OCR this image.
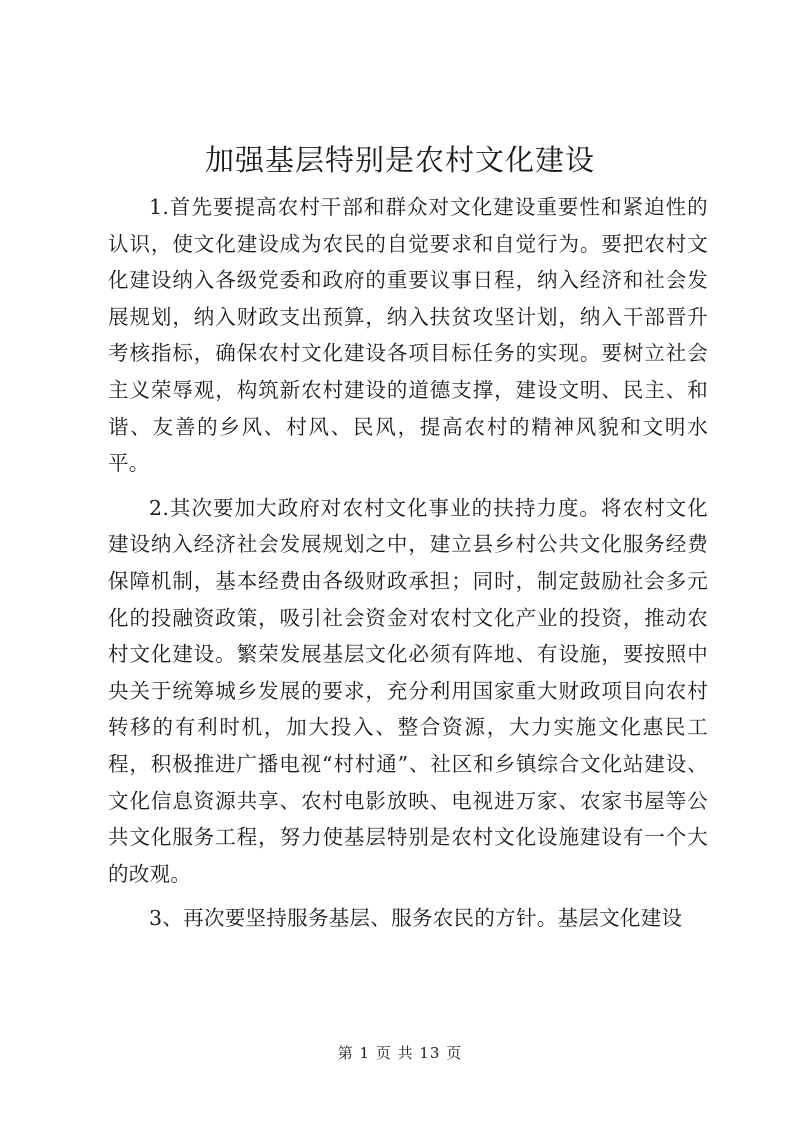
加强基层特别是农村文化建设

1.首先要提高农村干部和群众对文化建设重要性和紧迫性的认识，使文化建设成为农民的自觉要求和自觉行为。要把农村文化建设纳入各级党委和政府的重要议事日程，纳入经济和社会发展规划，纳入财政支出预算，纳入扶贫攻坚计划，纳入干部晋升考核指标，确保农村文化建设各项目标任务的实现。要树立社会主义荣辱观，构筑新农村建设的道德支撑，建设文明、民主、和谐、友善的乡风、村风、民风，提高农村的精神风貌和文明水平。

2.其次要加大政府对农村文化事业的扶持力度。将农村文化建设纳入经济社会发展规划之中，建立县乡村公共文化服务经费保障机制，基本经费由各级财政承担；同时，制定鼓励社会多元化的投融资政策，吸引社会资金对农村文化产业的投资，推动农村文化建设。繁荣发展基层文化必须有阵地、有设施，要按照中央关于统筹城乡发展的要求，充分利用国家重大财政项目向农村转移的有利时机，加大投入、整合资源，大力实施文化惠民工程，积极推进广播电视“村村通”、社区和乡镇综合文化站建设、文化信息资源共享、农村电影放映、电视进万家、农家书屋等公共文化服务工程，努力使基层特别是农村文化设施建设有一个大的改观。

3、再次要坚持服务基层、服务农民的方针。基层文化建设

第 1 页 共 13 页
